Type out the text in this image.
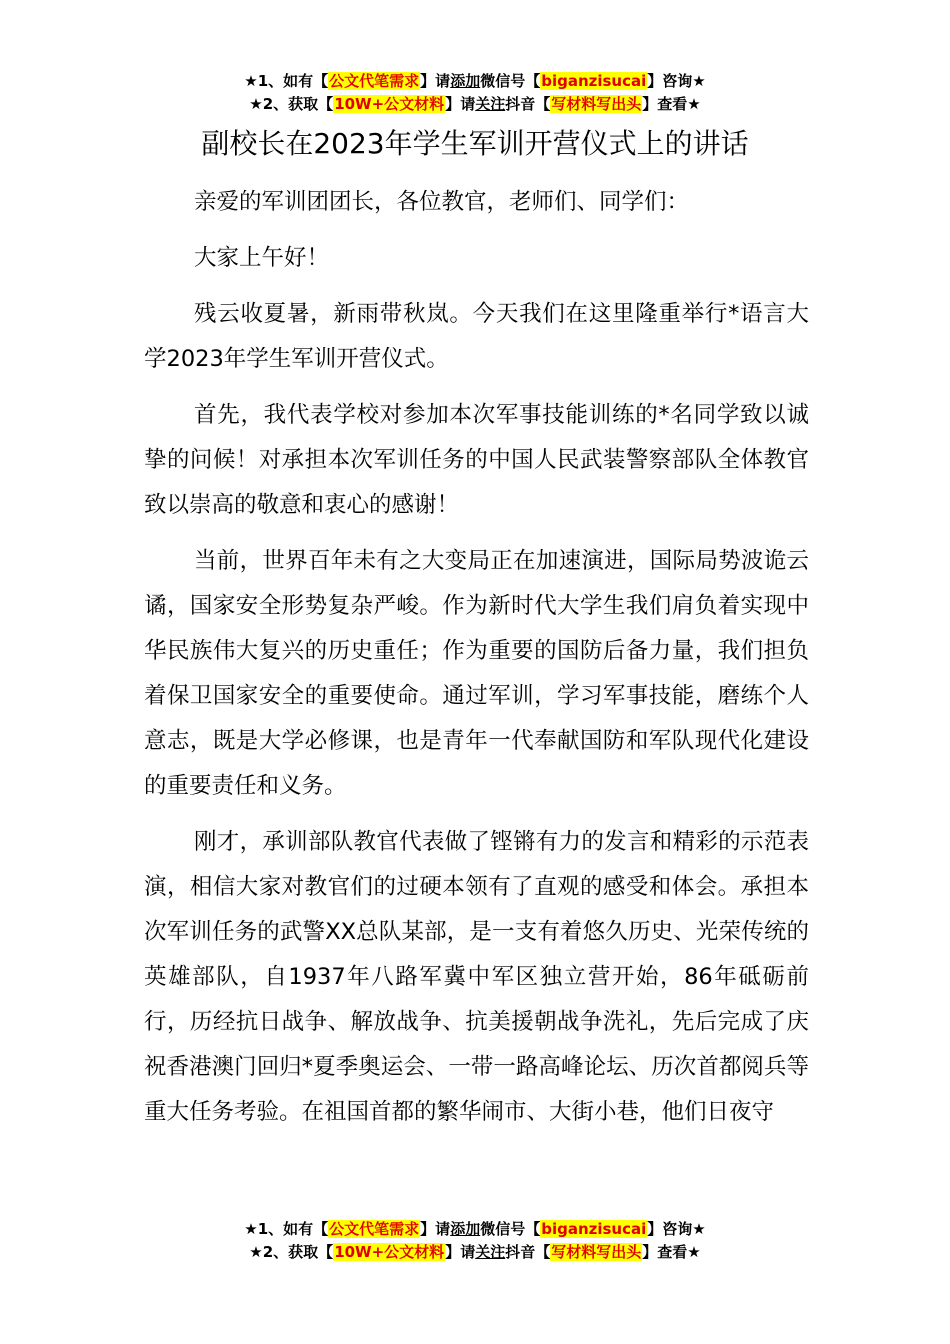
★1、如有【公文代笔需求】请添加微信号【biganzisucai】咨询★
★2、获取【10W+公文材料】请关注抖音【写材料写出头】查看★
副校长在2023年学生军训开营仪式上的讲话

亲爱的军训团团长，各位教官，老师们、同学们：

大家上午好！

残云收夏暑，新雨带秋岚。今天我们在这里隆重举行*语言大学2023年学生军训开营仪式。

首先，我代表学校对参加本次军事技能训练的*名同学致以诚挚的问候！对承担本次军训任务的中国人民武装警察部队全体教官致以崇高的敬意和衷心的感谢！

当前，世界百年未有之大变局正在加速演进，国际局势波诡云谲，国家安全形势复杂严峻。作为新时代大学生我们肩负着实现中华民族伟大复兴的历史重任；作为重要的国防后备力量，我们担负着保卫国家安全的重要使命。通过军训，学习军事技能，磨练个人意志，既是大学必修课，也是青年一代奉献国防和军队现代化建设的重要责任和义务。

刚才，承训部队教官代表做了铿锵有力的发言和精彩的示范表演，相信大家对教官们的过硬本领有了直观的感受和体会。承担本次军训任务的武警XX总队某部，是一支有着悠久历史、光荣传统的英雄部队，自1937年八路军冀中军区独立营开始，86年砥砺前行，历经抗日战争、解放战争、抗美援朝战争洗礼，先后完成了庆祝香港澳门回归*夏季奥运会、一带一路高峰论坛、历次首都阅兵等重大任务考验。在祖国首都的繁华闹市、大街小巷，他们日夜守

★1、如有【公文代笔需求】请添加微信号【biganzisucai】咨询★
★2、获取【10W+公文材料】请关注抖音【写材料写出头】查看★
